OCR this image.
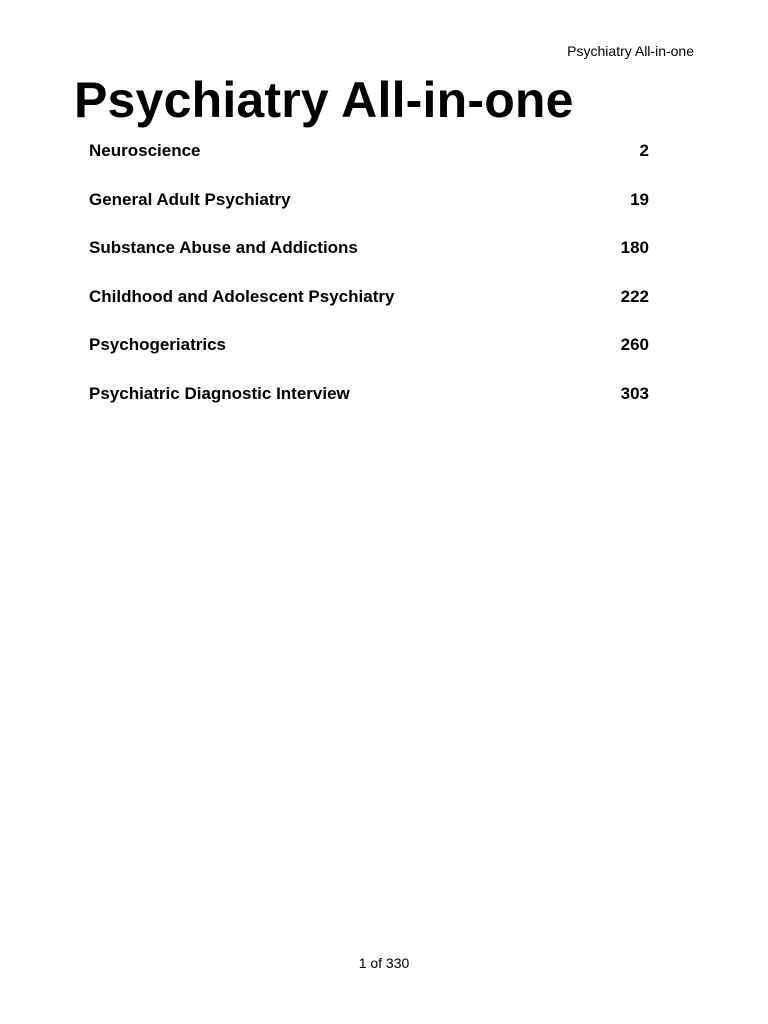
Psychiatry All-in-one
Psychiatry All-in-one
Neuroscience	2
General Adult Psychiatry	19
Substance Abuse and Addictions	180
Childhood and Adolescent Psychiatry	222
Psychogeriatrics	260
Psychiatric Diagnostic Interview	303
1 of 330
